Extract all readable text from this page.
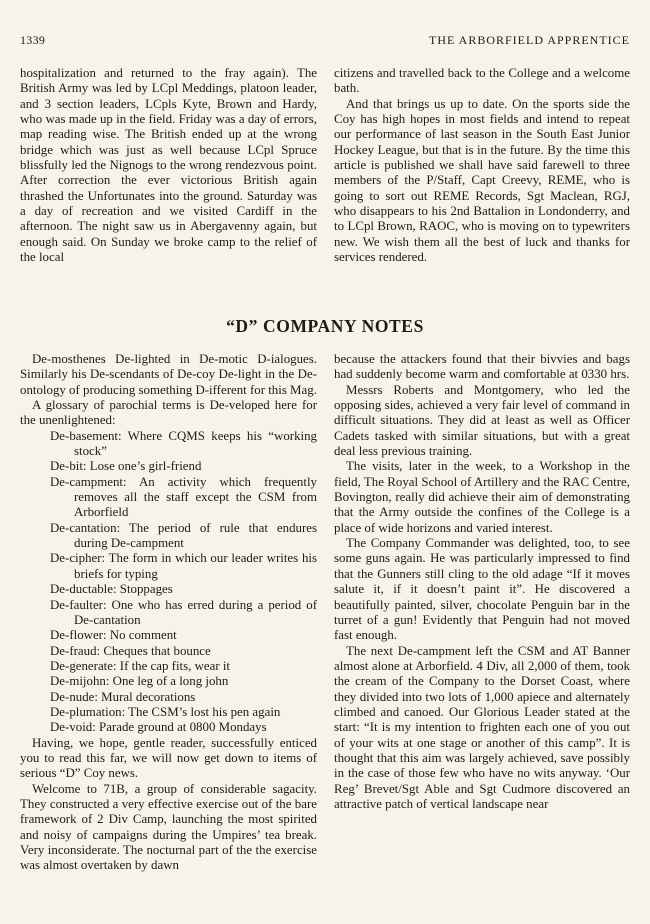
1339	THE ARBORFIELD APPRENTICE

hospitalization and returned to the fray again). The British Army was led by LCpl Meddings, platoon leader, and 3 section leaders, LCpls Kyte, Brown and Hardy, who was made up in the field. Friday was a day of errors, map reading wise. The British ended up at the wrong bridge which was just as well because LCpl Spruce blissfully led the Nignogs to the wrong rendezvous point. After correction the ever victorious British again thrashed the Unfortunates into the ground. Saturday was a day of recreation and we visited Cardiff in the afternoon. The night saw us in Abergavenny again, but enough said. On Sunday we broke camp to the relief of the local

citizens and travelled back to the College and a welcome bath.

And that brings us up to date. On the sports side the Coy has high hopes in most fields and intend to repeat our performance of last season in the South East Junior Hockey League, but that is in the future. By the time this article is published we shall have said farewell to three members of the P/Staff, Capt Creevy, REME, who is going to sort out REME Records, Sgt Maclean, RGJ, who disappears to his 2nd Battalion in Londonderry, and to LCpl Brown, RAOC, who is moving on to typewriters new. We wish them all the best of luck and thanks for services rendered.

“D” COMPANY NOTES

De-mosthenes De-lighted in De-motic D-ialogues. Similarly his De-scendants of De-coy De-light in the De-ontology of producing something D-ifferent for this Mag.

A glossary of parochial terms is De-veloped here for the unenlightened:

De-basement: Where CQMS keeps his “working stock”
De-bit: Lose one’s girl-friend
De-campment: An activity which frequently removes all the staff except the CSM from Arborfield
De-cantation: The period of rule that endures during De-campment
De-cipher: The form in which our leader writes his briefs for typing
De-ductable: Stoppages
De-faulter: One who has erred during a period of De-cantation
De-flower: No comment
De-fraud: Cheques that bounce
De-generate: If the cap fits, wear it
De-mijohn: One leg of a long john
De-nude: Mural decorations
De-plumation: The CSM’s lost his pen again
De-void: Parade ground at 0800 Mondays

Having, we hope, gentle reader, successfully enticed you to read this far, we will now get down to items of serious “D” Coy news.

Welcome to 71B, a group of considerable sagacity. They constructed a very effective exercise out of the bare framework of 2 Div Camp, launching the most spirited and noisy of campaigns during the Umpires’ tea break. Very inconsiderate. The nocturnal part of the the exercise was almost overtaken by dawn

because the attackers found that their bivvies and bags had suddenly become warm and comfortable at 0330 hrs.

Messrs Roberts and Montgomery, who led the opposing sides, achieved a very fair level of command in difficult situations. They did at least as well as Officer Cadets tasked with similar situations, but with a great deal less previous training.

The visits, later in the week, to a Workshop in the field, The Royal School of Artillery and the RAC Centre, Bovington, really did achieve their aim of demonstrating that the Army outside the confines of the College is a place of wide horizons and varied interest.

The Company Commander was delighted, too, to see some guns again. He was particularly impressed to find that the Gunners still cling to the old adage “If it moves salute it, if it doesn’t paint it”. He discovered a beautifully painted, silver, chocolate Penguin bar in the turret of a gun! Evidently that Penguin had not moved fast enough.

The next De-campment left the CSM and AT Banner almost alone at Arborfield. 4 Div, all 2,000 of them, took the cream of the Company to the Dorset Coast, where they divided into two lots of 1,000 apiece and alternately climbed and canoed. Our Glorious Leader stated at the start: “It is my intention to frighten each one of you out of your wits at one stage or another of this camp”. It is thought that this aim was largely achieved, save possibly in the case of those few who have no wits anyway. ‘Our Reg’ Brevet/Sgt Able and Sgt Cudmore discovered an attractive patch of vertical landscape near
